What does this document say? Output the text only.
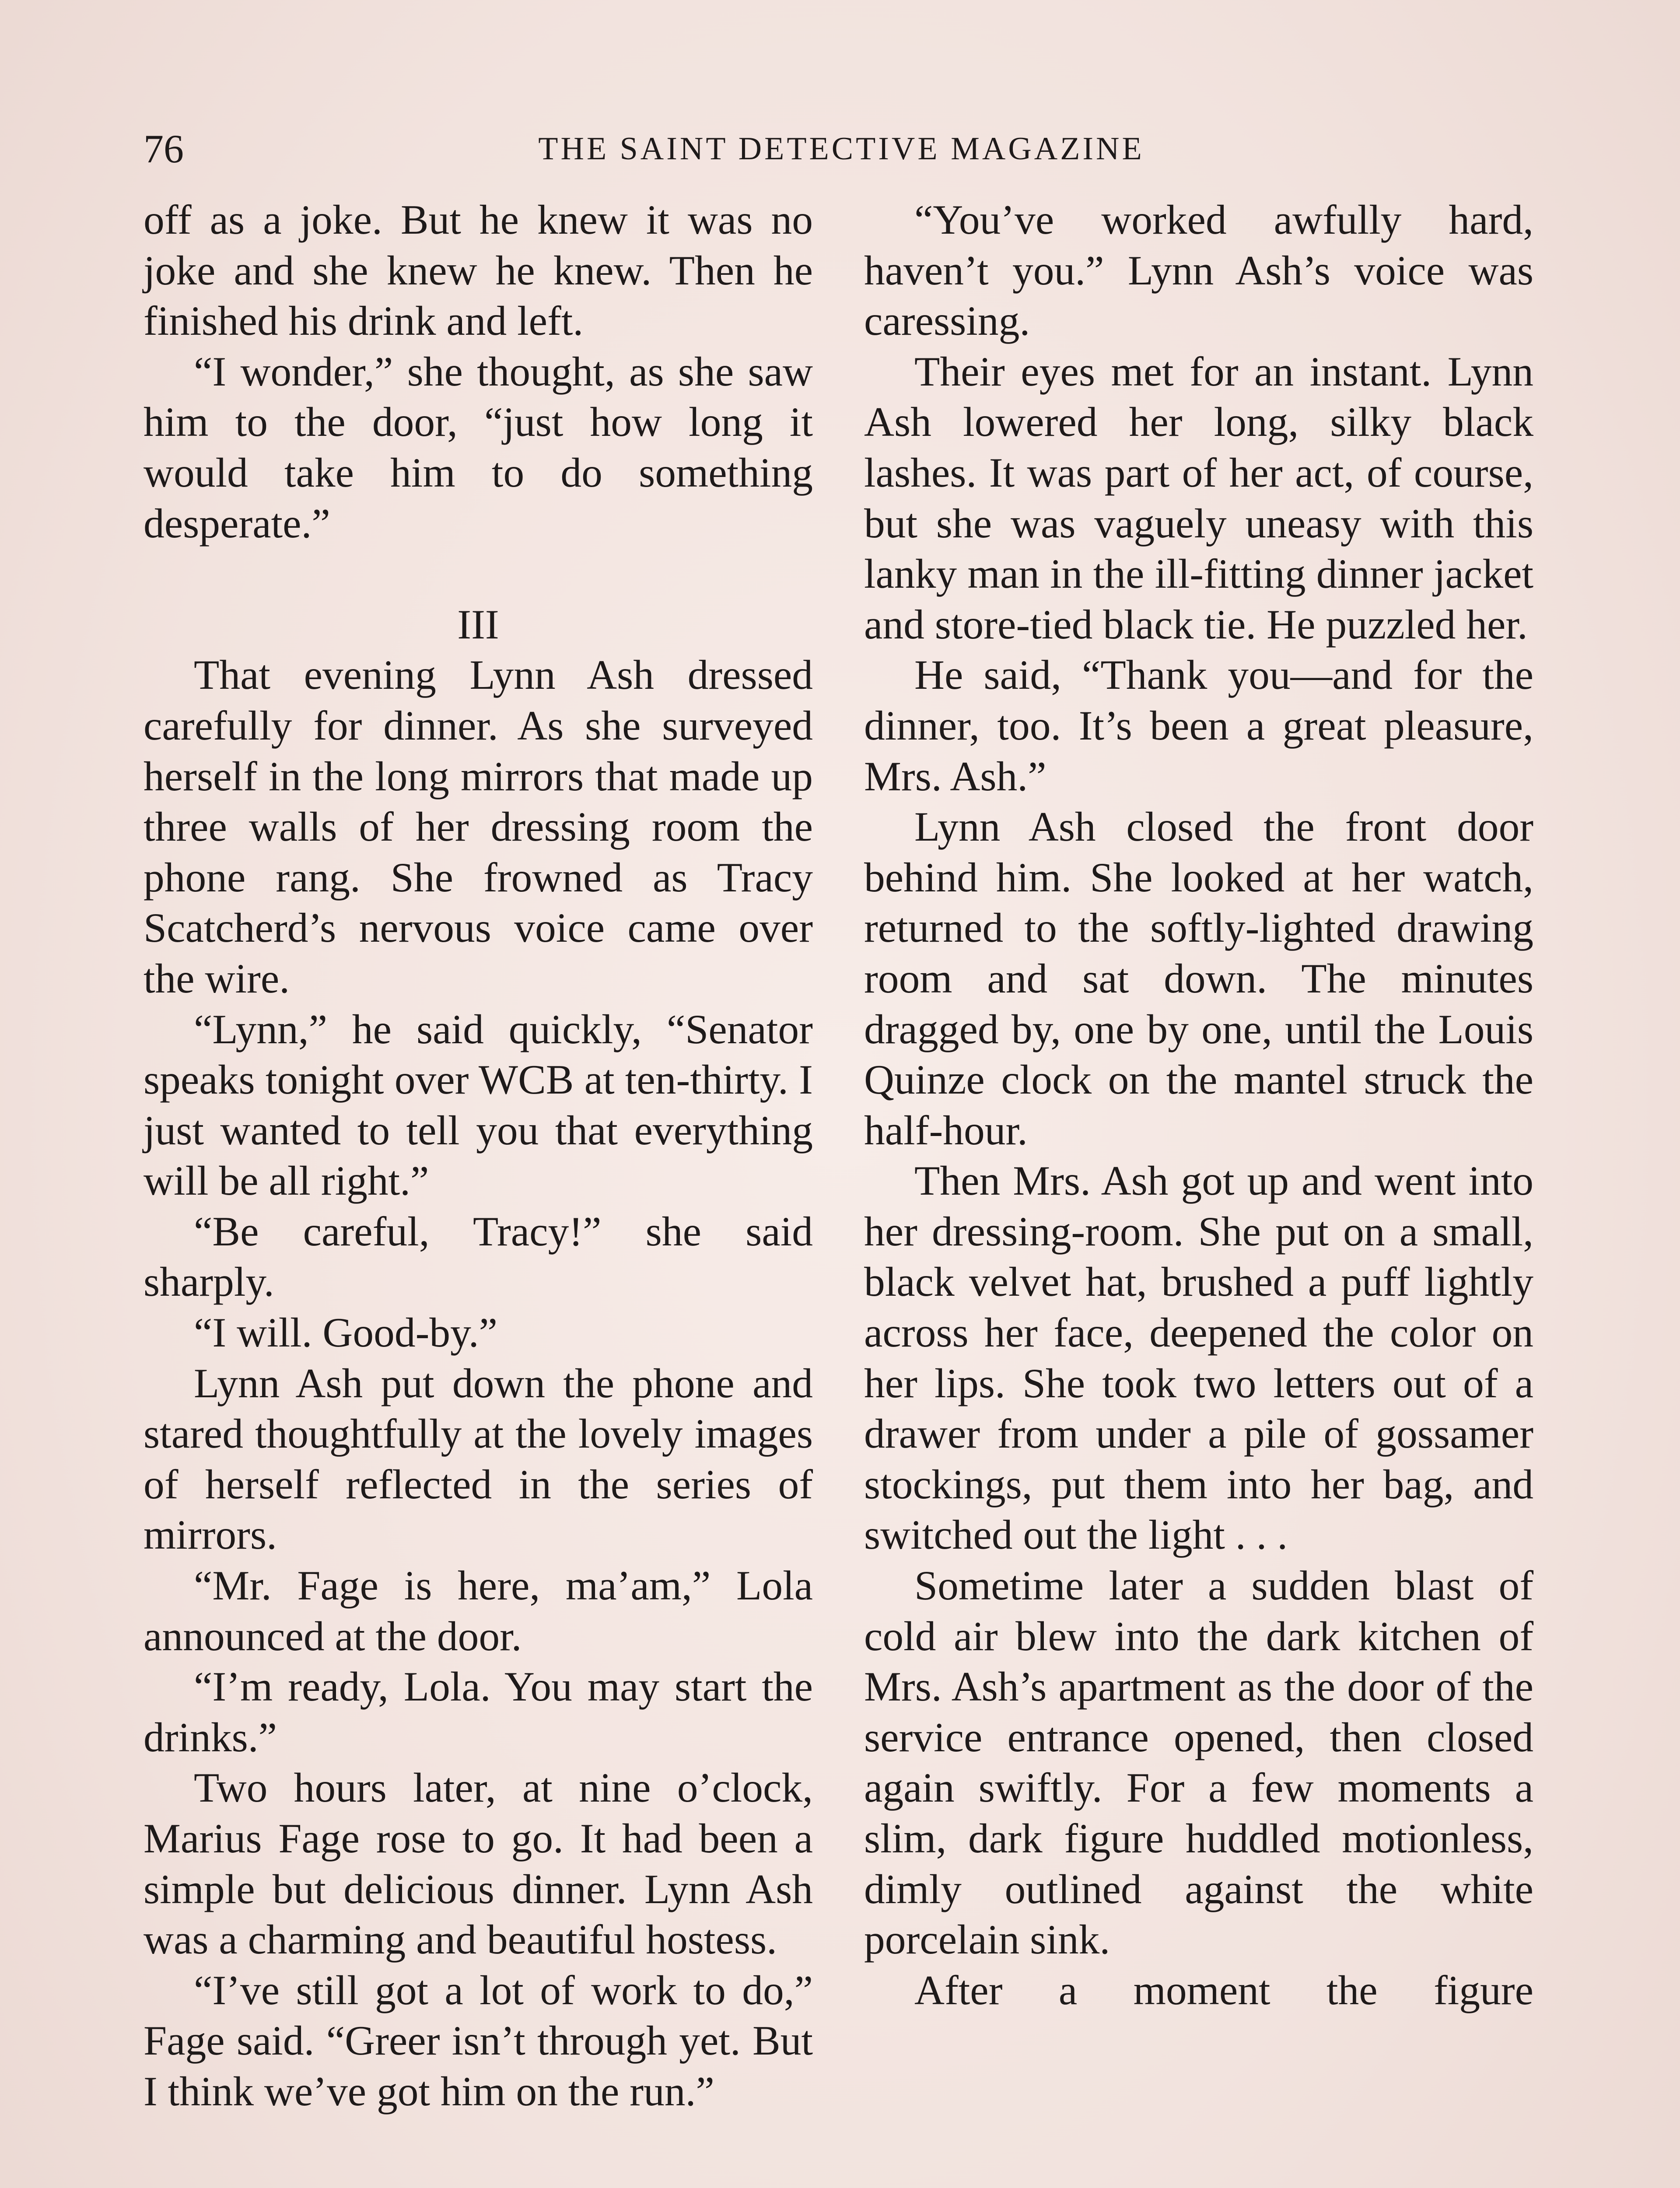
76	THE SAINT DETECTIVE MAGAZINE

off as a joke. But he knew it was no joke and she knew he knew. Then he finished his drink and left.

“I wonder,” she thought, as she saw him to the door, “just how long it would take him to do something desperate.”

III

That evening Lynn Ash dressed carefully for dinner. As she surveyed herself in the long mirrors that made up three walls of her dressing room the phone rang. She frowned as Tracy Scatcherd’s nervous voice came over the wire.

“Lynn,” he said quickly, “Senator speaks tonight over WCB at ten-thirty. I just wanted to tell you that everything will be all right.”

“Be careful, Tracy!” she said sharply.

“I will. Good-by.”

Lynn Ash put down the phone and stared thoughtfully at the lovely images of herself reflected in the series of mirrors.

“Mr. Fage is here, ma’am,” Lola announced at the door.

“I’m ready, Lola. You may start the drinks.”

Two hours later, at nine o’clock, Marius Fage rose to go. It had been a simple but delicious dinner. Lynn Ash was a charming and beautiful hostess.

“I’ve still got a lot of work to do,” Fage said. “Greer isn’t through yet. But I think we’ve got him on the run.”

“You’ve worked awfully hard, haven’t you.” Lynn Ash’s voice was caressing.

Their eyes met for an instant. Lynn Ash lowered her long, silky black lashes. It was part of her act, of course, but she was vaguely uneasy with this lanky man in the ill-fitting dinner jacket and store-tied black tie. He puzzled her.

He said, “Thank you—and for the dinner, too. It’s been a great pleasure, Mrs. Ash.”

Lynn Ash closed the front door behind him. She looked at her watch, returned to the softly-lighted drawing room and sat down. The minutes dragged by, one by one, until the Louis Quinze clock on the mantel struck the half-hour.

Then Mrs. Ash got up and went into her dressing-room. She put on a small, black velvet hat, brushed a puff lightly across her face, deepened the color on her lips. She took two letters out of a drawer from under a pile of gossamer stockings, put them into her bag, and switched out the light . . .

Sometime later a sudden blast of cold air blew into the dark kitchen of Mrs. Ash’s apartment as the door of the service entrance opened, then closed again swiftly. For a few moments a slim, dark figure huddled motionless, dimly outlined against the white porcelain sink.

After a moment the figure
